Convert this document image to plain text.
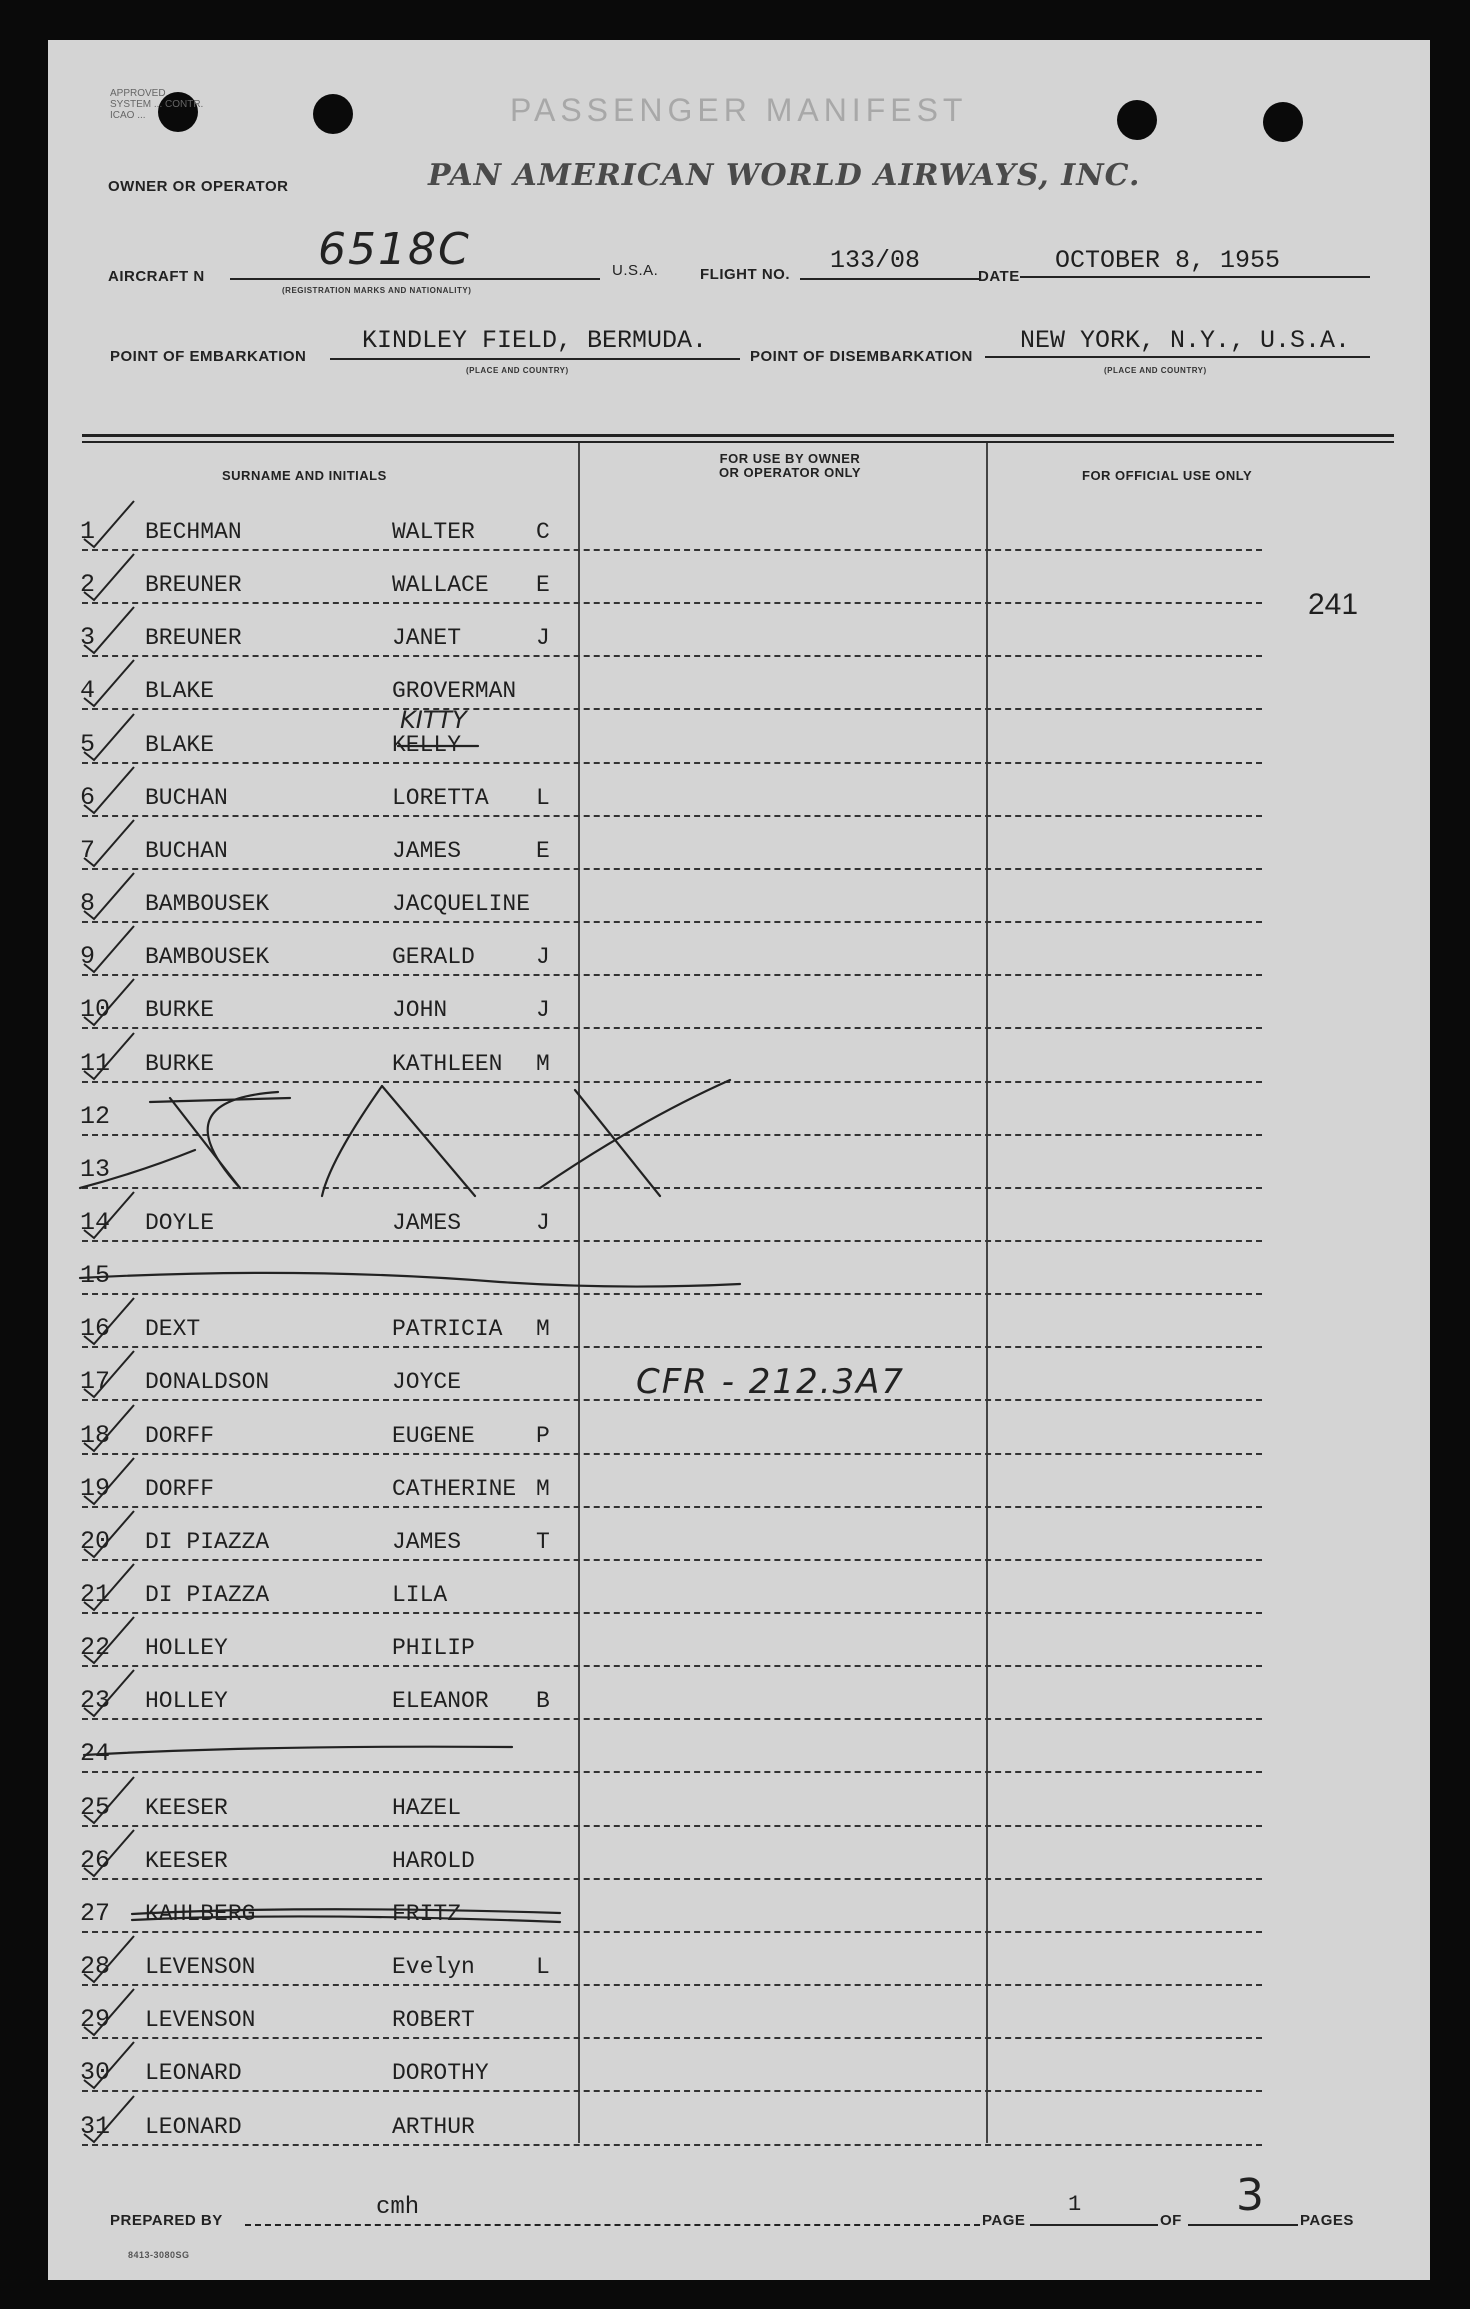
APPROVED
SYSTEM ... CONTR.
ICAO ...	PASSENGER MANIFEST
OWNER OR OPERATOR	PAN AMERICAN WORLD AIRWAYS, INC.
AIRCRAFT N
6518C
(REGISTRATION MARKS AND NATIONALITY)
U.S.A.	FLIGHT NO. 133/08
DATE
OCTOBER 8, 1955
POINT OF EMBARKATION
KINDLEY FIELD, BERMUDA.
(PLACE AND COUNTRY)
POINT OF DISEMBARKATION
NEW YORK, N.Y., U.S.A.
(PLACE AND COUNTRY)
SURNAME AND INITIALS
FOR USE BY OWNER
OR OPERATOR ONLY	FOR OFFICIAL USE ONLY
241
CFR - 212.3A7
1	BECHMAN	WALTER	C
2	BREUNER	WALLACE E
3	BREUNER	JANET	J
4	BLAKE	GROVERMAN
5	BLAKE	KELLY
KITTY
6	BUCHAN	LORETTA L
7	BUCHAN	JAMES	E
8	BAMBOUSEK	JACQUELINE
9	BAMBOUSEK	GERALD	J
10	BURKE	JOHN	J
11	BURKE	KATHLEEN M
12
13
14	DOYLE	JAMES	J
15
16	DEXT	PATRICIA M
17	DONALDSON	JOYCE
18	DORFF	EUGENE	P
19	DORFF	CATHERINE M
20	DI PIAZZA	JAMES	T
21	DI PIAZZA	LILA
22	HOLLEY	PHILIP
23	HOLLEY	ELEANOR B
24
25	KEESER	HAZEL
26	KEESER	HAROLD
27	KAHLBERG	FRITZ
28	LEVENSON	Evelyn	L
29	LEVENSON	ROBERT
30	LEONARD	DOROTHY
31	LEONARD	ARTHUR
PREPARED BY	cmh	PAGE
1
OF 3 PAGES
8413-3080SG
